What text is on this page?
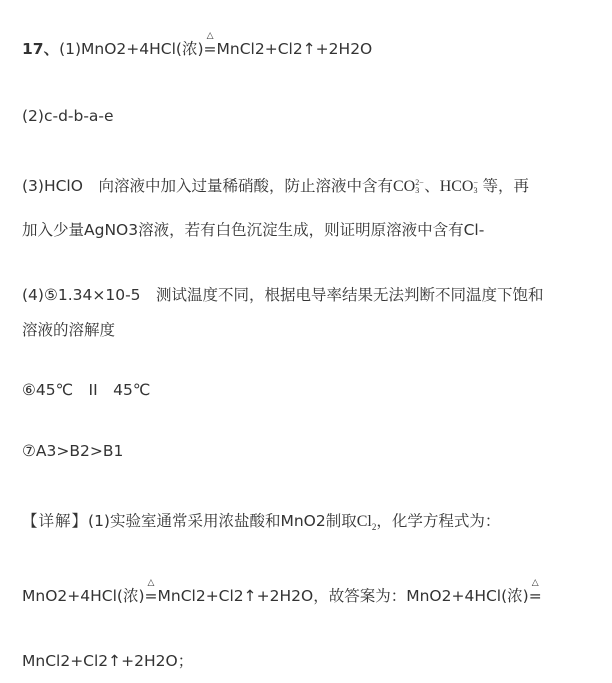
17、(1)MnO2+4HCl(浓)
△
=MnCl2+Cl2↑+2H2O
(2)c-d-b-a-e
(3)HClO　向溶液中加入过量稀硝酸，防止溶液中含有CO 2−
3 、HCO −
3 等，再
加入少量AgNO3溶液，若有白色沉淀生成，则证明原溶液中含有Cl-
(4)⑤1.34×10-5　测试温度不同，根据电导率结果无法判断不同温度下饱和
溶液的溶解度
⑥45℃　II　45℃
⑦A3>B2>B1
【详解】(1)实验室通常采用浓盐酸和MnO2制取$Cl_2$，化学方程式为：
MnO2+4HCl(浓)
△
=MnCl2+Cl2↑+2H2O，故答案为：MnO2+4HCl(浓)
△
=
MnCl2+Cl2↑+2H2O；
